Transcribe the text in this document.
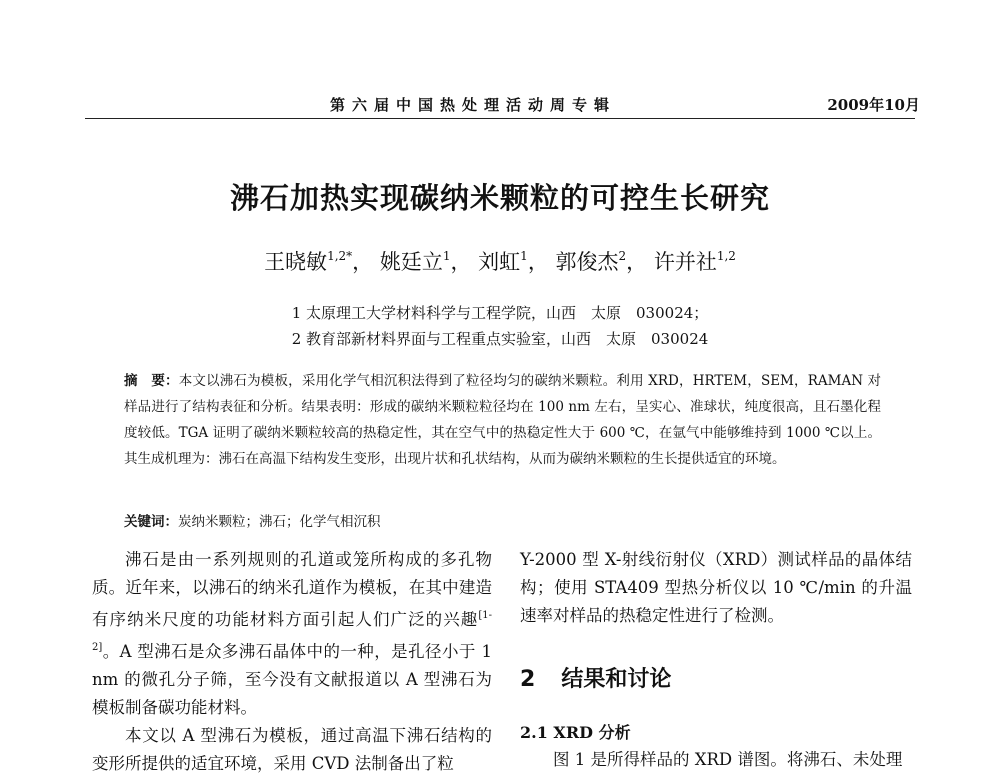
第六届中国热处理活动周专辑	2009年10月
沸石加热实现碳纳米颗粒的可控生长研究
王晓敏$^{1,2*}$， 姚廷立$^1$， 刘虹$^1$， 郭俊杰$^2$， 许并社$^{1,2}$
1 太原理工大学材料科学与工程学院，山西　太原　030024；
2 教育部新材料界面与工程重点实验室，山西　太原　030024
摘　要：本文以沸石为模板，采用化学气相沉积法得到了粒径均匀的碳纳米颗粒。利用 XRD，HRTEM，SEM，RAMAN 对样品进行了结构表征和分析。结果表明：形成的碳纳米颗粒粒径均在 100 nm 左右，呈实心、准球状，纯度很高，且石墨化程度较低。TGA 证明了碳纳米颗粒较高的热稳定性，其在空气中的热稳定性大于 600 ℃，在氩气中能够维持到 1000 ℃以上。其生成机理为：沸石在高温下结构发生变形，出现片状和孔状结构，从而为碳纳米颗粒的生长提供适宜的环境。
关键词：炭纳米颗粒；沸石；化学气相沉积

沸石是由一系列规则的孔道或笼所构成的多孔物质。近年来，以沸石的纳米孔道作为模板，在其中建造有序纳米尺度的功能材料方面引起人们广泛的兴趣[1-2]。A 型沸石是众多沸石晶体中的一种，是孔径小于 1 nm 的微孔分子筛，至今没有文献报道以 A 型沸石为模板制备碳功能材料。

本文以 A 型沸石为模板，通过高温下沸石结构的变形所提供的适宜环境，采用 CVD 法制备出了粒

Y-2000 型 X-射线衍射仪（XRD）测试样品的晶体结构；使用 STA409 型热分析仪以 10 ℃/min 的升温速率对样品的热稳定性进行了检测。

2 结果和讨论
2.1 XRD 分析
图 1 是所得样品的 XRD 谱图。将沸石、未处理
